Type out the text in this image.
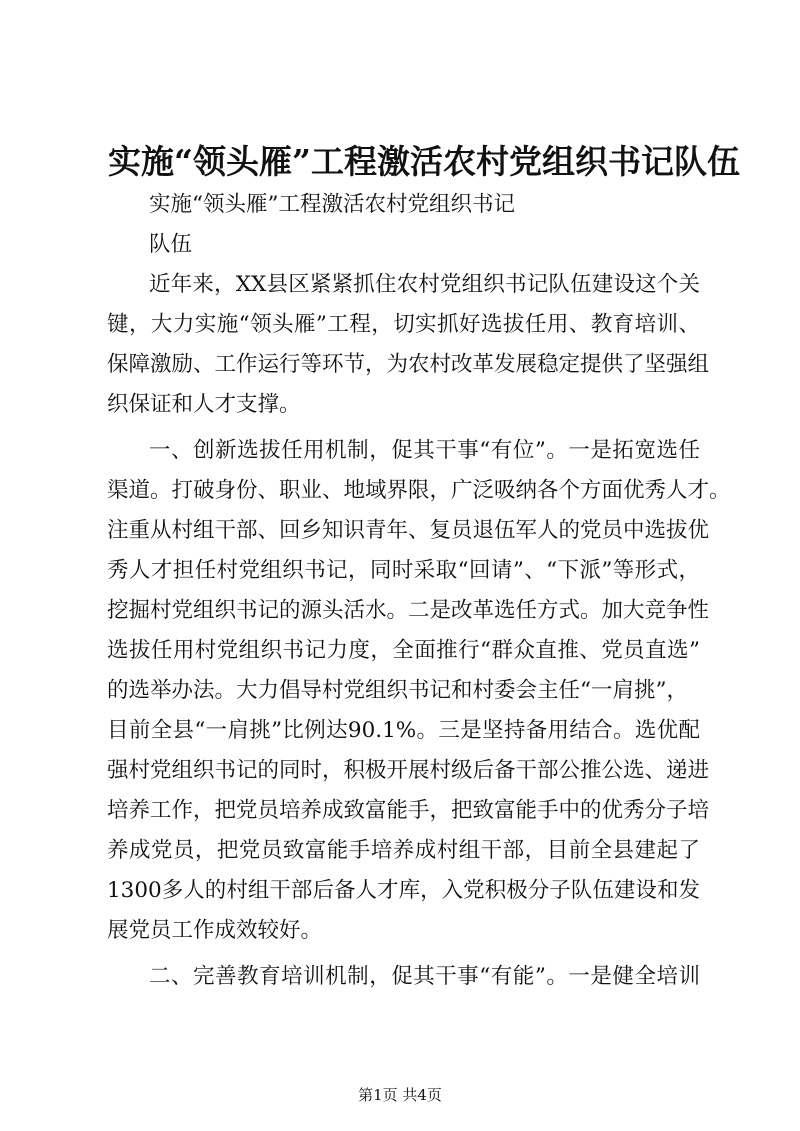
实施“领头雁”工程激活农村党组织书记队伍
实施“领头雁”工程激活农村党组织书记
队伍
近年来，XX县区紧紧抓住农村党组织书记队伍建设这个关
键，大力实施“领头雁”工程，切实抓好选拔任用、教育培训、
保障激励、工作运行等环节，为农村改革发展稳定提供了坚强组
织保证和人才支撑。
一、创新选拔任用机制，促其干事“有位”。一是拓宽选任
渠道。打破身份、职业、地域界限，广泛吸纳各个方面优秀人才。
注重从村组干部、回乡知识青年、复员退伍军人的党员中选拔优
秀人才担任村党组织书记，同时采取“回请”、“下派”等形式，
挖掘村党组织书记的源头活水。二是改革选任方式。加大竞争性
选拔任用村党组织书记力度，全面推行“群众直推、党员直选”
的选举办法。大力倡导村党组织书记和村委会主任“一肩挑”，
目前全县“一肩挑”比例达90.1%。三是坚持备用结合。选优配
强村党组织书记的同时，积极开展村级后备干部公推公选、递进
培养工作，把党员培养成致富能手，把致富能手中的优秀分子培
养成党员，把党员致富能手培养成村组干部，目前全县建起了
1300多人的村组干部后备人才库，入党积极分子队伍建设和发
展党员工作成效较好。
二、完善教育培训机制，促其干事“有能”。一是健全培训
第1页 共4页
